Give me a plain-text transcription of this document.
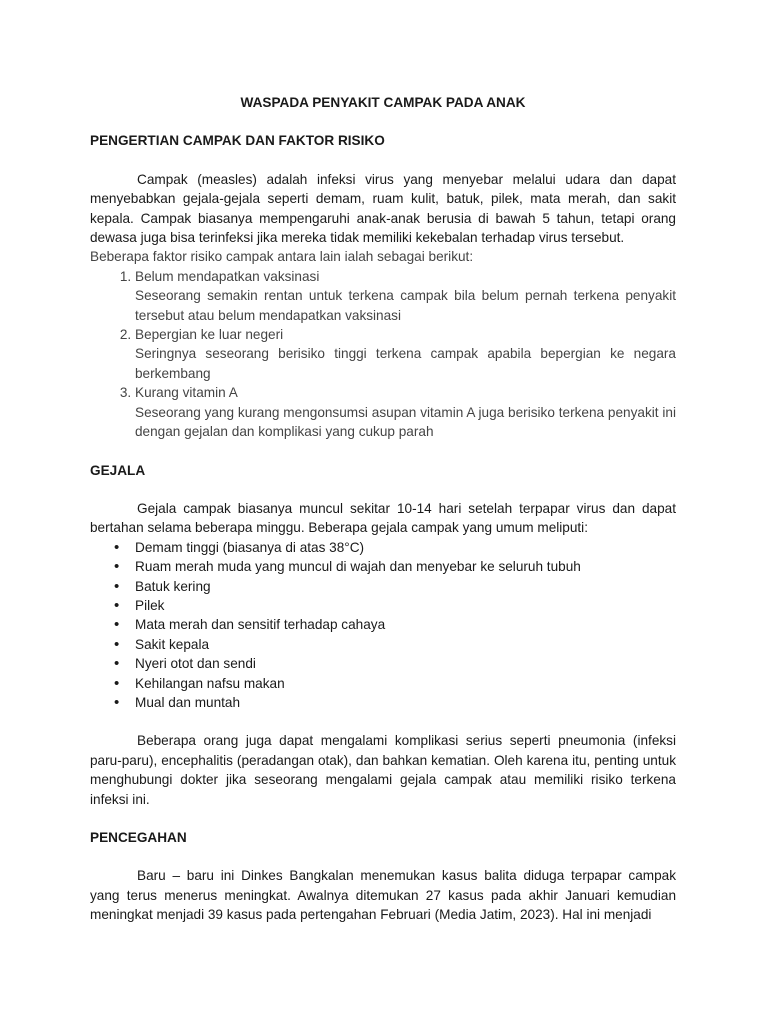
WASPADA PENYAKIT CAMPAK PADA ANAK

PENGERTIAN CAMPAK DAN FAKTOR RISIKO

Campak (measles) adalah infeksi virus yang menyebar melalui udara dan dapat menyebabkan gejala-gejala seperti demam, ruam kulit, batuk, pilek, mata merah, dan sakit kepala. Campak biasanya mempengaruhi anak-anak berusia di bawah 5 tahun, tetapi orang dewasa juga bisa terinfeksi jika mereka tidak memiliki kekebalan terhadap virus tersebut.

Beberapa faktor risiko campak antara lain ialah sebagai berikut:

1. Belum mendapatkan vaksinasi
Seseorang semakin rentan untuk terkena campak bila belum pernah terkena penyakit tersebut atau belum mendapatkan vaksinasi
2. Bepergian ke luar negeri
Seringnya seseorang berisiko tinggi terkena campak apabila bepergian ke negara berkembang
3. Kurang vitamin A
Seseorang yang kurang mengonsumsi asupan vitamin A juga berisiko terkena penyakit ini dengan gejalan dan komplikasi yang cukup parah

GEJALA

Gejala campak biasanya muncul sekitar 10-14 hari setelah terpapar virus dan dapat bertahan selama beberapa minggu. Beberapa gejala campak yang umum meliputi:

• Demam tinggi (biasanya di atas 38°C)
• Ruam merah muda yang muncul di wajah dan menyebar ke seluruh tubuh
• Batuk kering
• Pilek
• Mata merah dan sensitif terhadap cahaya
• Sakit kepala
• Nyeri otot dan sendi
• Kehilangan nafsu makan
• Mual dan muntah

Beberapa orang juga dapat mengalami komplikasi serius seperti pneumonia (infeksi paru-paru), encephalitis (peradangan otak), dan bahkan kematian. Oleh karena itu, penting untuk menghubungi dokter jika seseorang mengalami gejala campak atau memiliki risiko terkena infeksi ini.

PENCEGAHAN

Baru – baru ini Dinkes Bangkalan menemukan kasus balita diduga terpapar campak yang terus menerus meningkat. Awalnya ditemukan 27 kasus pada akhir Januari kemudian meningkat menjadi 39 kasus pada pertengahan Februari (Media Jatim, 2023). Hal ini menjadi
